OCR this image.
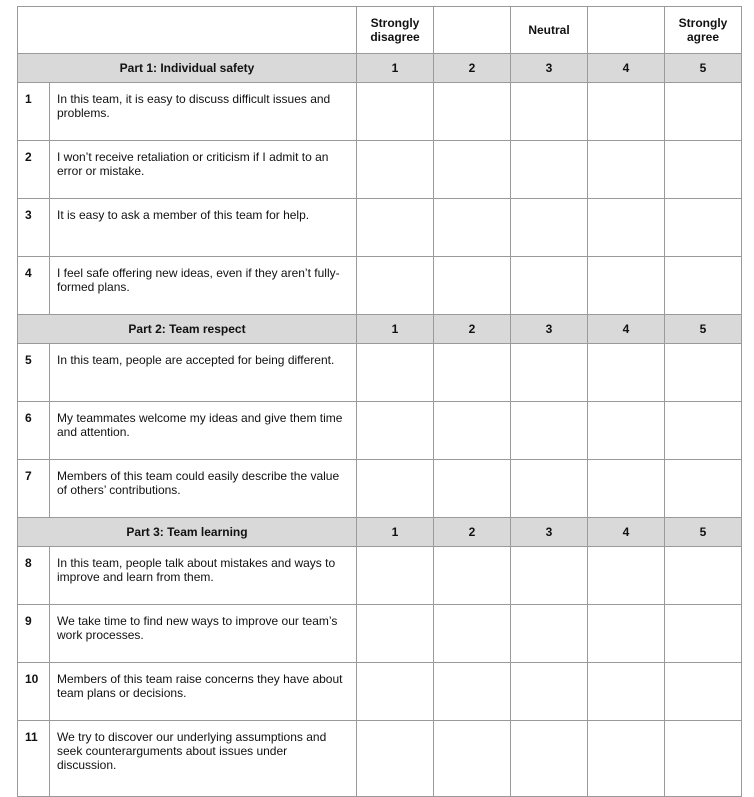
		Strongly disagree		Neutral		Strongly agree
Part 1: Individual safety		1	2	3	4	5
1	In this team, it is easy to discuss difficult issues and problems.					
2	I won’t receive retaliation or criticism if I admit to an error or mistake.					
3	It is easy to ask a member of this team for help.					
4	I feel safe offering new ideas, even if they aren’t fully-formed plans.					
Part 2: Team respect		1	2	3	4	5
5	In this team, people are accepted for being different.					
6	My teammates welcome my ideas and give them time and attention.					
7	Members of this team could easily describe the value of others’ contributions.					
Part 3: Team learning		1	2	3	4	5
8	In this team, people talk about mistakes and ways to improve and learn from them.					
9	We take time to find new ways to improve our team’s work processes.					
10	Members of this team raise concerns they have about team plans or decisions.					
11	We try to discover our underlying assumptions and seek counterarguments about issues under discussion.					
